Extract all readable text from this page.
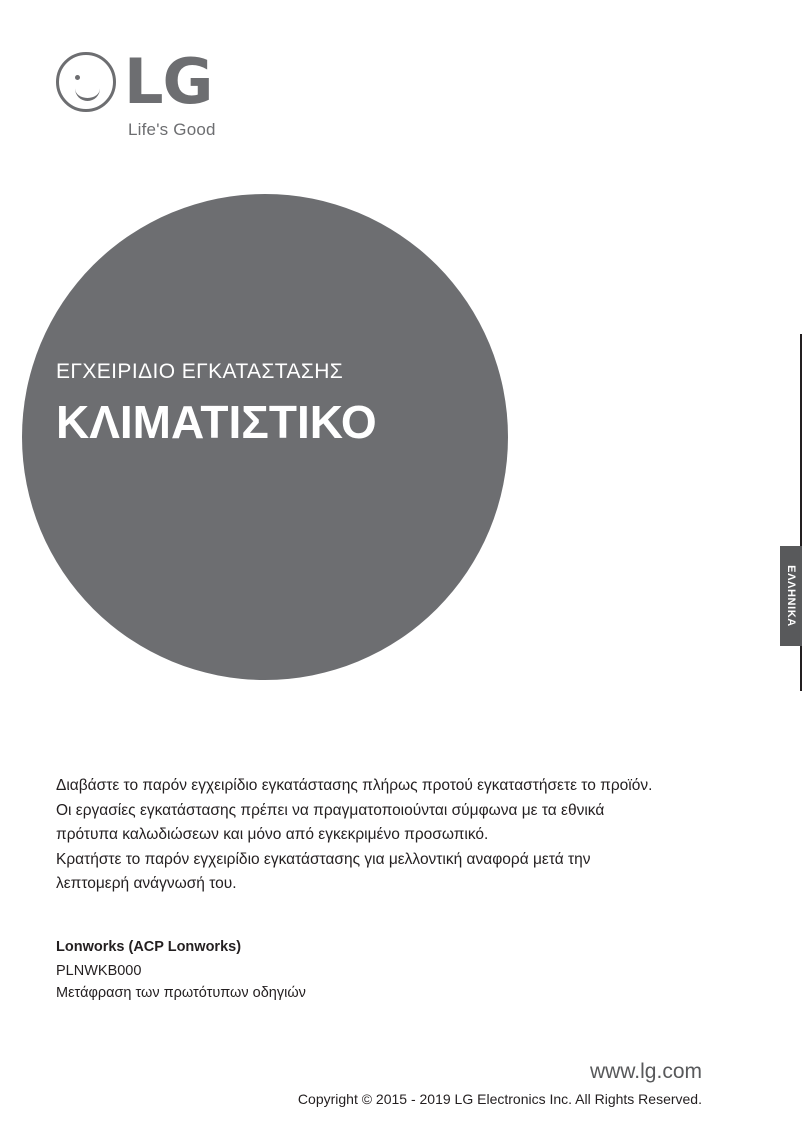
LG
Life's Good

ΕΓΧΕΙΡΙΔΙΟ ΕΓΚΑΤΑΣΤΑΣΗΣ

ΚΛΙΜΑΤΙΣΤΙΚΟ
ΕΛΛΗΝΙΚΑ

Διαβάστε το παρόν εγχειρίδιο εγκατάστασης πλήρως προτού εγκαταστήσετε το προϊόν.

Οι εργασίες εγκατάστασης πρέπει να πραγματοποιούνται σύμφωνα με τα εθνικά πρότυπα καλωδιώσεων και μόνο από εγκεκριμένο προσωπικό.

Κρατήστε το παρόν εγχειρίδιο εγκατάστασης για μελλοντική αναφορά μετά την λεπτομερή ανάγνωσή του.

Lonworks (ACP Lonworks)

PLNWKB000

Μετάφραση των πρωτότυπων οδηγιών

www.lg.com

Copyright © 2015 - 2019 LG Electronics Inc. All Rights Reserved.
